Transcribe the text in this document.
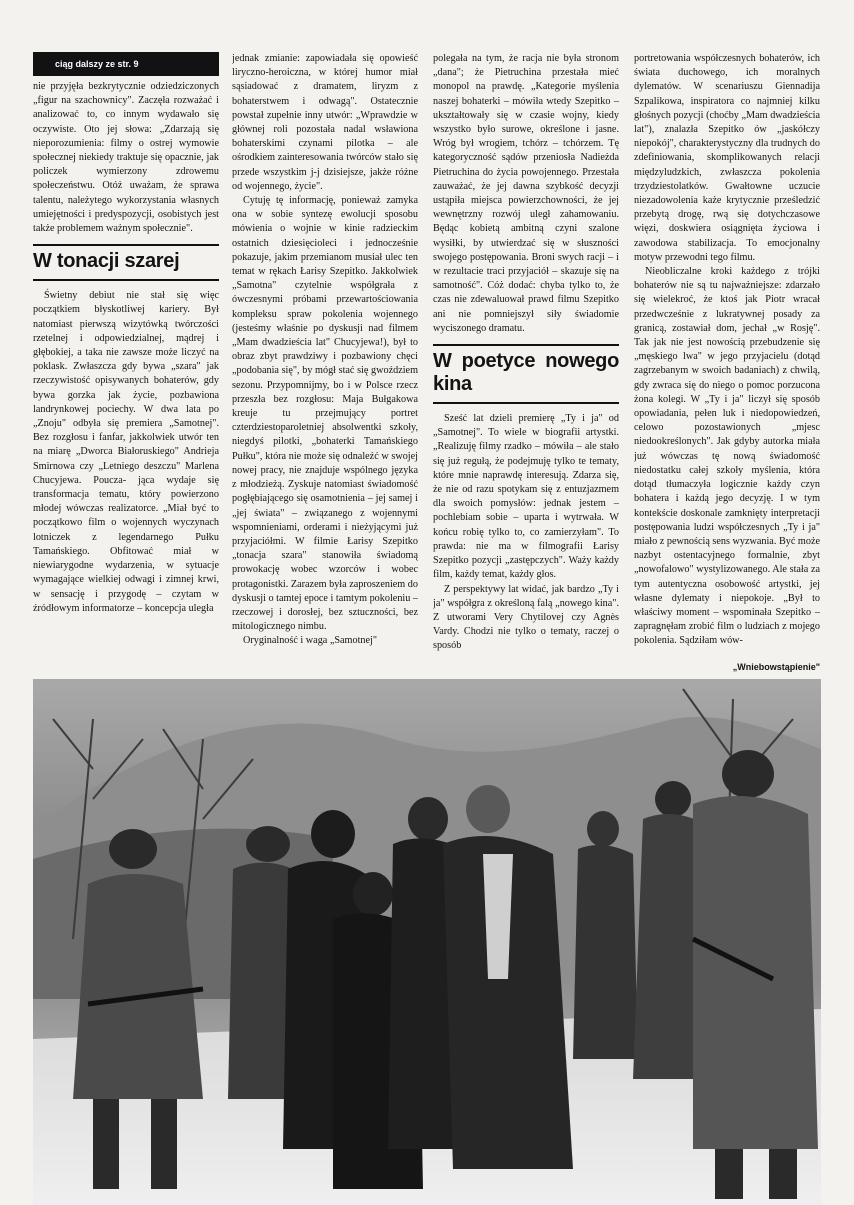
ciąg dalszy ze str. 9

nie przyjęła bezkrytycznie odziedziczonych „figur na szachownicy". Zaczęła rozważać i analizować to, co innym wydawało się oczywiste. Oto jej słowa: „Zdarzają się nieporozumienia: filmy o ostrej wymowie społecznej niekiedy traktuje się opacznie, jak policzek wymierzony zdrowemu społeczeństwu. Otóż uważam, że sprawa talentu, należytego wykorzystania własnych umiejętności i predyspozycji, osobistych jest także problemem ważnym społecznie".

W tonacji szarej

Świetny debiut nie stał się więc początkiem błyskotliwej kariery. Był natomiast pierwszą wizytówką twórczości rzetelnej i odpowiedzialnej, mądrej i głębokiej, a taka nie zawsze może liczyć na poklask. Zwłaszcza gdy bywa „szara" jak rzeczywistość opisywanych bohaterów, gdy bywa gorzka jak życie, pozbawiona landrynkowej pociechy. W dwa lata po „Znoju" odbyła się premiera „Samotnej". Bez rozgłosu i fanfar, jakkolwiek utwór ten na miarę „Dworca Białoruskiego" Andrieja Smirnowa czy „Letniego deszczu" Marlena Chucyjewa. Poucza- jąca wydaje się transformacja tematu, który powierzono młodej wówczas realizatorce. „Miał być to początkowo film o wojennych wyczynach lotniczek z legendarnego Pułku Tamańskiego. Obfitować miał w niewiarygodne wydarzenia, w sytuacje wymagające wielkiej odwagi i zimnej krwi, w sensację i przygodę – czytam w źródłowym informatorze – koncepcja uległa

jednak zmianie: zapowiadała się opowieść liryczno-heroiczna, w której humor miał sąsiadować z dramatem, liryzm z bohaterstwem i odwagą". Ostatecznie powstał zupełnie inny utwór: „Wprawdzie w głównej roli pozostała nadal wsławiona bohaterskimi czynami pilotka – ale ośrodkiem zainteresowania twórców stało się przede wszystkim j-j dzisiejsze, jakże różne od wojennego, życie".

Cytuję tę informację, ponieważ zamyka ona w sobie syntezę ewolucji sposobu mówienia o wojnie w kinie radzieckim ostatnich dziesięcioleci i jednocześnie pokazuje, jakim przemianom musiał ulec ten temat w rękach Łarisy Szepitko. Jakkolwiek „Samotna" czytelnie współgrała z ówczesnymi próbami przewartościowania kompleksu spraw pokolenia wojennego (jesteśmy właśnie po dyskusji nad filmem „Mam dwadzieścia lat" Chucyjewa!), był to obraz zbyt prawdziwy i pozbawiony chęci „podobania się", by mógł stać się gwoździem sezonu. Przypomnijmy, bo i w Polsce rzecz przeszła bez rozgłosu: Maja Bułgakowa kreuje tu przejmujący portret czterdziestoparoletniej absolwentki szkoły, niegdyś pilotki, „bohaterki Tamańskiego Pułku", która nie może się odnaleźć w swojej nowej pracy, nie znajduje wspólnego języka z młodzieżą. Zyskuje natomiast świadomość pogłębiającego się osamotnienia – jej samej i „jej świata" – związanego z wojennymi wspomnieniami, orderami i nieżyjącymi już przyjaciółmi. W filmie Łarisy Szepitko „tonacja szara" stanowiła świadomą prowokację wobec wzorców i wobec protagonistki. Zarazem była zaproszeniem do dyskusji o tamtej epoce i tamtym pokoleniu – rzeczowej i dorosłej, bez sztuczności, bez mitologicznego nimbu.

Oryginalność i waga „Samotnej"

polegała na tym, że racja nie była stronom „dana"; że Pietruchina przestała mieć monopol na prawdę. „Kategorie myślenia naszej bohaterki – mówiła wtedy Szepitko – ukształtowały się w czasie wojny, kiedy wszystko było surowe, określone i jasne. Wróg był wrogiem, tchórz – tchórzem. Tę kategoryczność sądów przeniosła Nadieżda Pietruchina do życia powojennego. Przestała zauważać, że jej dawna szybkość decyzji ustąpiła miejsca powierzchowności, że jej wewnętrzny rozwój uległ zahamowaniu. Będąc kobietą ambitną czyni szalone wysiłki, by utwierdzać się w słuszności swojego postępowania. Broni swych racji – i w rezultacie traci przyjaciół – skazuje się na samotność". Cóż dodać: chyba tylko to, że czas nie zdewaluował prawd filmu Szepitko ani nie pomniejszył siły świadomie wyciszonego dramatu.

W poetyce nowego kina

Sześć lat dzieli premierę „Ty i ja" od „Samotnej". To wiele w biografii artystki. „Realizuję filmy rzadko – mówiła – ale stało się już regułą, że podejmuję tylko te tematy, które mnie naprawdę interesują. Zdarza się, że nie od razu spotykam się z entuzjazmem dla swoich pomysłów: jednak jestem – pochlebiam sobie – uparta i wytrwała. W końcu robię tylko to, co zamierzyłam". To prawda: nie ma w filmografii Łarisy Szepitko pozycji „zastępczych". Waży każdy film, każdy temat, każdy głos.

Z perspektywy lat widać, jak bardzo „Ty i ja" współgra z określoną falą „nowego kina". Z utworami Very Chytilovej czy Agnès Vardy. Chodzi nie tylko o tematy, raczej o sposób

portretowania współczesnych bohaterów, ich świata duchowego, ich moralnych dylematów. W scenariuszu Giennadija Szpalikowa, inspiratora co najmniej kilku głośnych pozycji (choćby „Mam dwadzieścia lat"), znalazła Szepitko ów „jaskółczy niepokój", charakterystyczny dla trudnych do zdefiniowania, skomplikowanych relacji międzyludzkich, zwłaszcza pokolenia trzydziestolatków. Gwałtowne uczucie niezadowolenia każe krytycznie prześledzić przebytą drogę, rwą się dotychczasowe więzi, doskwiera osiągnięta życiowa i zawodowa stabilizacja. To emocjonalny motyw przewodni tego filmu.

Nieobliczalne kroki każdego z trójki bohaterów nie są tu najważniejsze: zdarzało się wielekroć, że ktoś jak Piotr wracał przedwcześnie z lukratywnej posady za granicą, zostawiał dom, jechał „w Rosję". Tak jak nie jest nowością przebudzenie się „męskiego lwa" w jego przyjacielu (dotąd zagrzebanym w swoich badaniach) z chwilą, gdy zwraca się do niego o pomoc porzucona żona kolegi. W „Ty i ja" liczył się sposób opowiadania, pełen luk i niedopowiedzeń, celowo pozostawionych „mjesc niedookreślonych". Jak gdyby autorka miała już wówczas tę nową świadomość niedostatku całej szkoły myślenia, która dotąd tłumaczyła logicznie każdy czyn bohatera i każdą jego decyzję. I w tym kontekście doskonale zamknięty interpretacji postępowania ludzi współczesnych „Ty i ja" miało z pewnością sens wyzwania. Być może nazbyt ostentacyjnego formalnie, zbyt „nowofalowo" wystylizowanego. Ale stała za tym autentyczna osobowość artystki, jej własne dylematy i niepokoje. „Był to właściwy moment – wspominała Szepitko – zapragnęłam zrobić film o ludziach z mojego pokolenia. Sądziłam wów-

„Wniebowstąpienie"
